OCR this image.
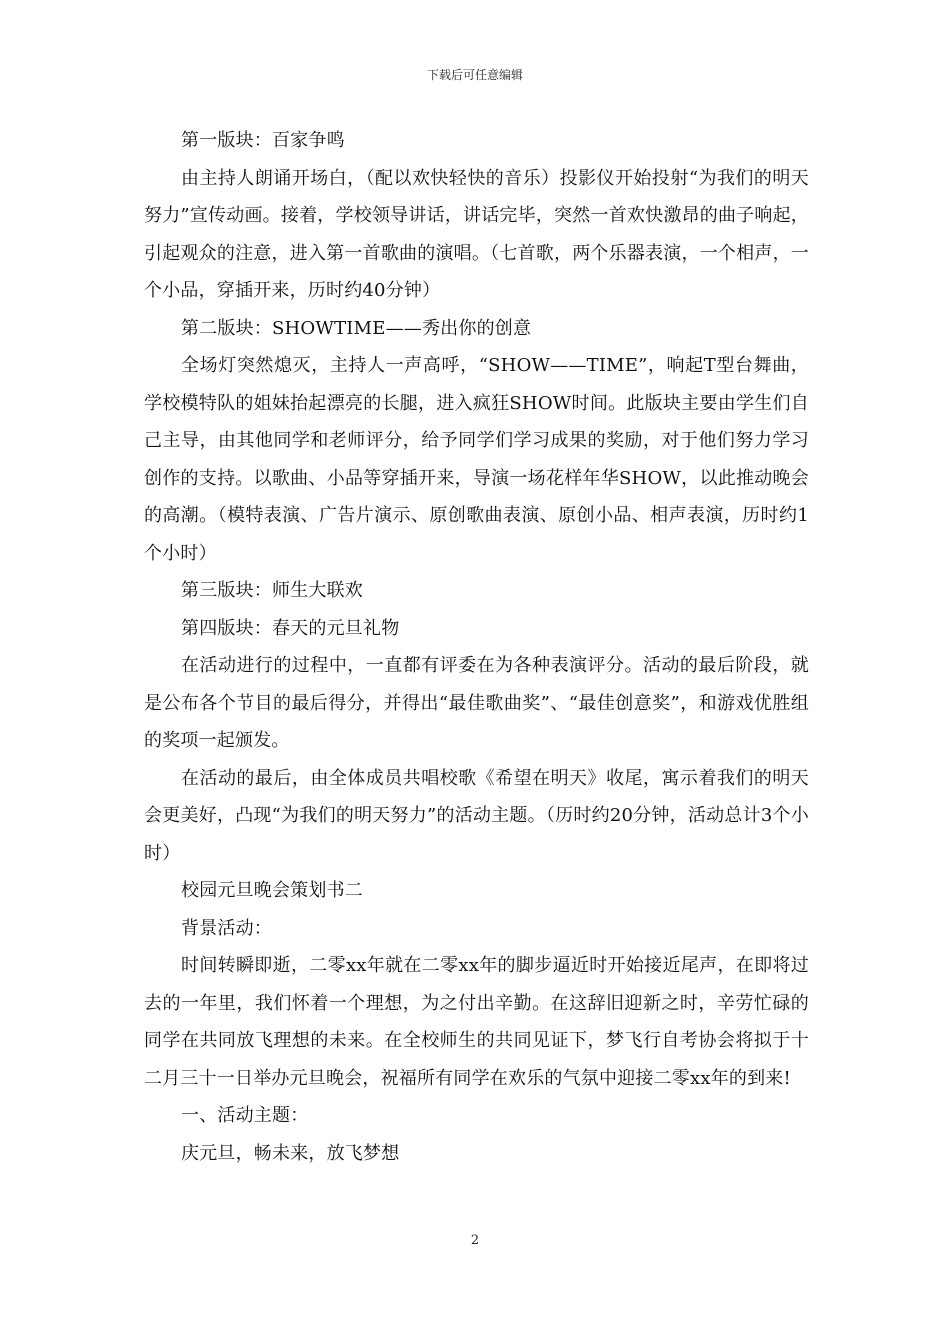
下载后可任意编辑

第一版块：百家争鸣

由主持人朗诵开场白，（配以欢快轻快的音乐）投影仪开始投射“为我们的明天努力”宣传动画。接着，学校领导讲话，讲话完毕，突然一首欢快激昂的曲子响起，引起观众的注意，进入第一首歌曲的演唱。（七首歌，两个乐器表演，一个相声，一个小品，穿插开来，历时约40分钟）

第二版块：SHOWTIME——秀出你的创意

全场灯突然熄灭，主持人一声高呼，“SHOW——TIME”，响起T型台舞曲，学校模特队的姐妹抬起漂亮的长腿，进入疯狂SHOW时间。此版块主要由学生们自己主导，由其他同学和老师评分，给予同学们学习成果的奖励，对于他们努力学习创作的支持。以歌曲、小品等穿插开来，导演一场花样年华SHOW，以此推动晚会的高潮。（模特表演、广告片演示、原创歌曲表演、原创小品、相声表演，历时约1个小时）

第三版块：师生大联欢

第四版块：春天的元旦礼物

在活动进行的过程中，一直都有评委在为各种表演评分。活动的最后阶段，就是公布各个节目的最后得分，并得出“最佳歌曲奖”、“最佳创意奖”，和游戏优胜组的奖项一起颁发。

在活动的最后，由全体成员共唱校歌《希望在明天》收尾，寓示着我们的明天会更美好，凸现“为我们的明天努力”的活动主题。（历时约20分钟，活动总计3个小时）

校园元旦晚会策划书二

背景活动：

时间转瞬即逝，二零xx年就在二零xx年的脚步逼近时开始接近尾声，在即将过去的一年里，我们怀着一个理想，为之付出辛勤。在这辞旧迎新之时，辛劳忙碌的同学在共同放飞理想的未来。在全校师生的共同见证下，梦飞行自考协会将拟于十二月三十一日举办元旦晚会，祝福所有同学在欢乐的气氛中迎接二零xx年的到来!

一、活动主题：

庆元旦，畅未来，放飞梦想

2
